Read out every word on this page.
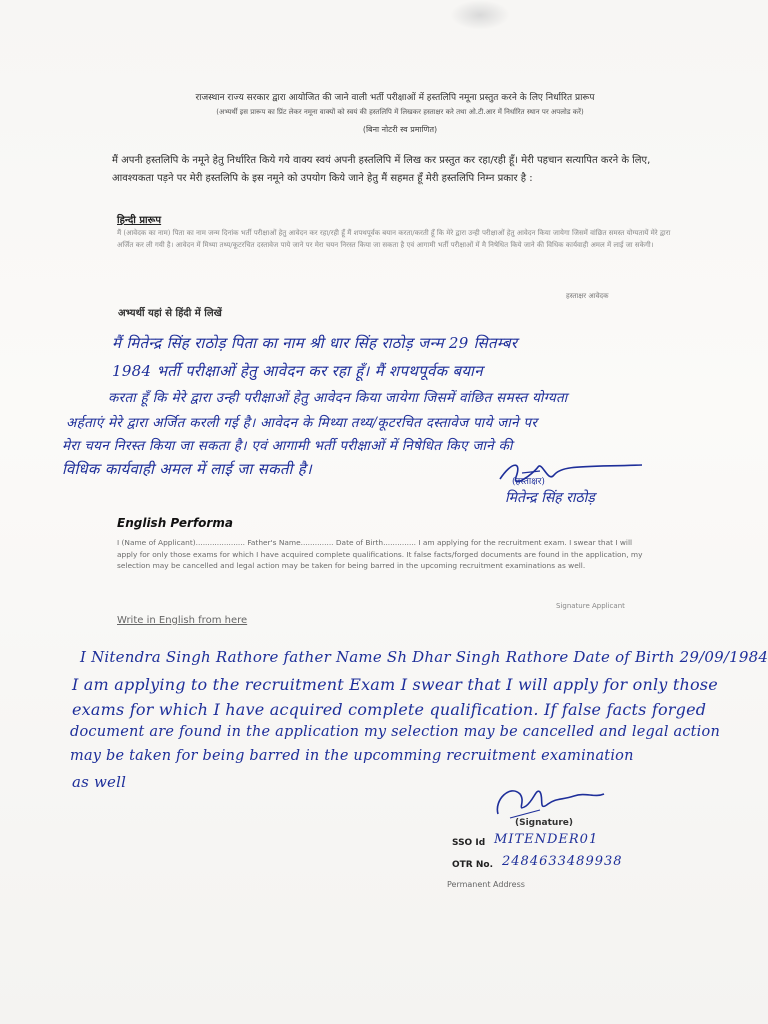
राजस्थान राज्य सरकार द्वारा आयोजित की जाने वाली भर्ती परीक्षाओं में हस्तलिपि नमूना प्रस्तुत करने के लिए निर्धारित प्रारूप
(अभ्यर्थी इस प्रारूप का प्रिंट लेकर नमूना वाक्यों को स्वयं की हस्तलिपि में लिखकर हस्ताक्षर करे तथा ओ.टी.आर में निर्धारित स्थान पर अपलोड करें)
(बिना नोटरी स्व प्रमाणित)
मैं अपनी हस्तलिपि के नमूने हेतु निर्धारित किये गये वाक्य स्वयं अपनी हस्तलिपि में लिख कर प्रस्तुत कर रहा/रही हूँ। मेरी पहचान सत्यापित करने के लिए, आवश्यकता पड़ने पर मेरी हस्तलिपि के इस नमूने को उपयोग किये जाने हेतु मैं सहमत हूँ मेरी हस्तलिपि निम्न प्रकार है :
हिन्दी प्रारूप
मैं (आवेदक का नाम) पिता का नाम जन्म दिनांक भर्ती परीक्षाओं हेतु आवेदन कर रहा/रही हूँ मैं शपथपूर्वक बयान करता/करती हूँ कि मेरे द्वारा उन्ही परीक्षाओं हेतु आवेदन किया जायेगा जिसमें वांछित समस्त योग्यतायें मेरे द्वारा अर्जित कर ली गयी है। आवेदन में मिथ्या तथ्य/कूटरचित दस्तावेज पाये जाने पर मेरा चयन निरस्त किया जा सकता है एवं आगामी भर्ती परीक्षाओं में मै निषेधित किये जाने की विधिक कार्यवाही अमल में लाई जा सकेगी।
हस्ताक्षर आवेदक
अभ्यर्थी यहां से हिंदी में लिखें
मैं मितेन्द्र सिंह राठोड़ पिता का नाम श्री धार सिंह राठोड़ जन्म 29 सितम्बर
1984 भर्ती परीक्षाओं हेतु आवेदन कर रहा हूँ। मैं शपथपूर्वक बयान
करता हूँ कि मेरे द्वारा उन्ही परीक्षाओं हेतु आवेदन किया जायेगा जिसमें वांछित समस्त योग्यता
अर्हताएं मेरे द्वारा अर्जित करली गई है। आवेदन के मिथ्या तथ्य/कूटरचित दस्तावेज पाये जाने पर
मेरा चयन निरस्त किया जा सकता है। एवं आगामी भर्ती परीक्षाओं में निषेधित किए जाने की
विधिक कार्यवाही अमल में लाई जा सकती है।
(हस्ताक्षर)
मितेन्द्र सिंह राठोड़
English Performa
I (Name of Applicant)..................... Father's Name.............. Date of Birth.............. I am applying for the recruitment exam. I swear that I will apply for only those exams for which I have acquired complete qualifications. It false facts/forged documents are found in the application, my selection may be cancelled and legal action may be taken for being barred in the upcoming recruitment examinations as well.
Signature Applicant
Write in English from here
I Nitendra Singh Rathore father Name Sh Dhar Singh Rathore Date of Birth 29/09/1984
I am applying to the recruitment Exam I swear that I will apply for only those
exams for which I have acquired complete qualification. If false facts forged
document are found in the application my selection may be cancelled and legal action
may be taken for being barred in the upcomming recruitment examination
as well
(Signature)
SSO Id MITENDER01
OTR No. 2484633489938
Permanent Address
